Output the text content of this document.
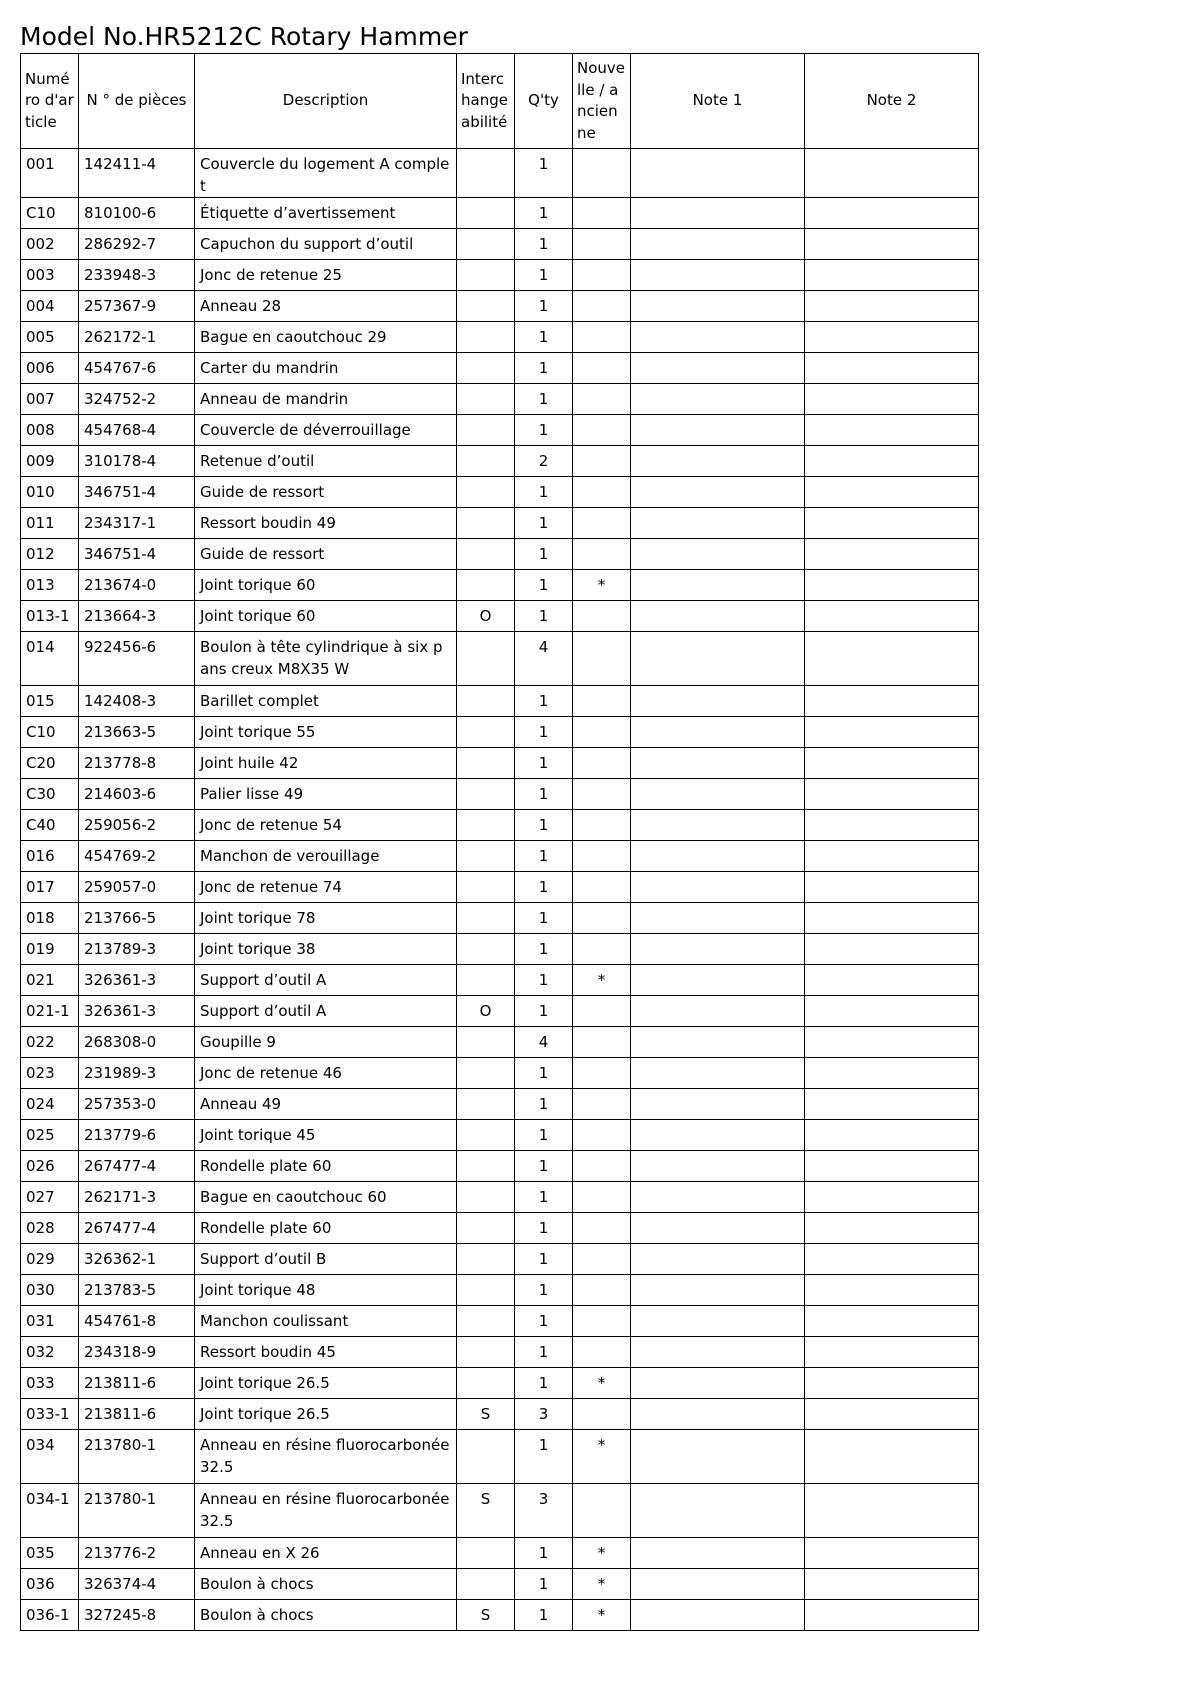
Model No.HR5212C Rotary Hammer
Numéro d'article	N ° de pièces	Description	Interchangeabilité	Q'ty	Nouvelle / ancienne	Note 1	Note 2
001	142411-4	Couvercle du logement A complet		1			
C10	810100-6	Étiquette d’avertissement		1			
002	286292-7	Capuchon du support d’outil		1			
003	233948-3	Jonc de retenue 25		1			
004	257367-9	Anneau 28		1			
005	262172-1	Bague en caoutchouc 29		1			
006	454767-6	Carter du mandrin		1			
007	324752-2	Anneau de mandrin		1			
008	454768-4	Couvercle de déverrouillage		1			
009	310178-4	Retenue d’outil		2			
010	346751-4	Guide de ressort		1			
011	234317-1	Ressort boudin 49		1			
012	346751-4	Guide de ressort		1			
013	213674-0	Joint torique 60		1	*		
013-1	213664-3	Joint torique 60	O	1			
014	922456-6	Boulon à tête cylindrique à six pans creux M8X35 W		4			
015	142408-3	Barillet complet		1			
C10	213663-5	Joint torique 55		1			
C20	213778-8	Joint huile 42		1			
C30	214603-6	Palier lisse 49		1			
C40	259056-2	Jonc de retenue 54		1			
016	454769-2	Manchon de verouillage		1			
017	259057-0	Jonc de retenue 74		1			
018	213766-5	Joint torique 78		1			
019	213789-3	Joint torique 38		1			
021	326361-3	Support d’outil A		1	*		
021-1	326361-3	Support d’outil A	O	1			
022	268308-0	Goupille 9		4			
023	231989-3	Jonc de retenue 46		1			
024	257353-0	Anneau 49		1			
025	213779-6	Joint torique 45		1			
026	267477-4	Rondelle plate 60		1			
027	262171-3	Bague en caoutchouc 60		1			
028	267477-4	Rondelle plate 60		1			
029	326362-1	Support d’outil B		1			
030	213783-5	Joint torique 48		1			
031	454761-8	Manchon coulissant		1			
032	234318-9	Ressort boudin 45		1			
033	213811-6	Joint torique 26.5		1	*		
033-1	213811-6	Joint torique 26.5	S	3			
034	213780-1	Anneau en résine fluorocarbonée 32.5		1	*		
034-1	213780-1	Anneau en résine fluorocarbonée 32.5	S	3			
035	213776-2	Anneau en X 26		1	*		
036	326374-4	Boulon à chocs		1	*		
036-1	327245-8	Boulon à chocs	S	1	*		
